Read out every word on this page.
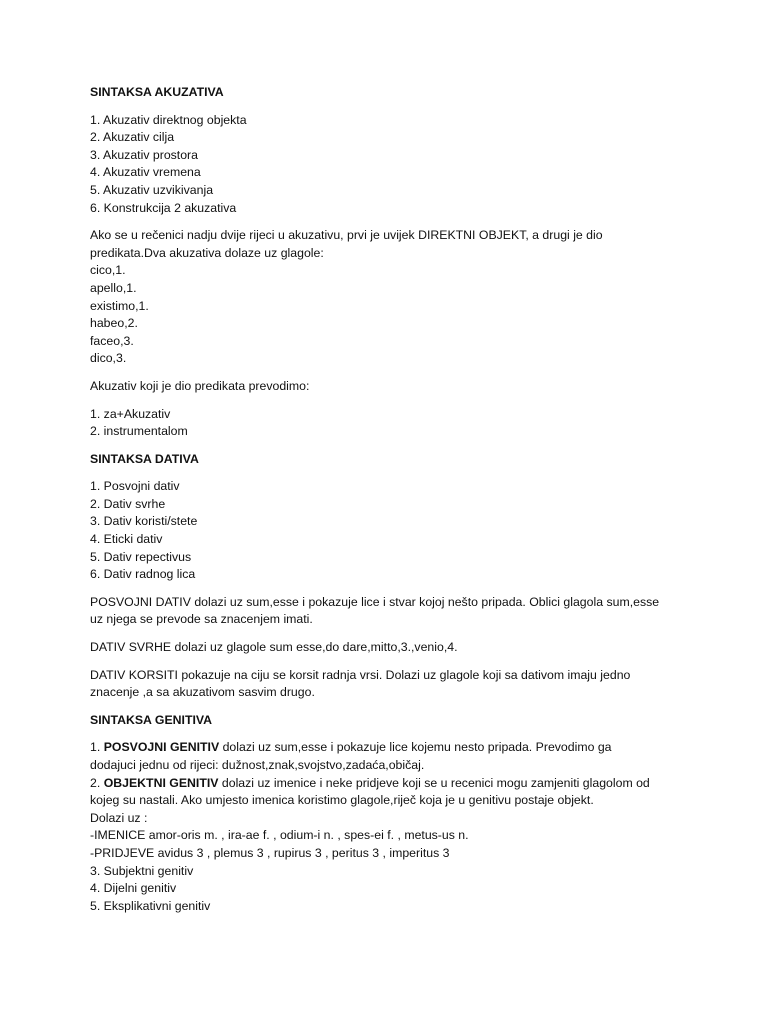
SINTAKSA AKUZATIVA
1. Akuzativ direktnog objekta
2. Akuzativ cilja
3. Akuzativ prostora
4. Akuzativ vremena
5. Akuzativ uzvikivanja
6. Konstrukcija 2 akuzativa
Ako se u rečenici nadju dvije rijeci u akuzativu, prvi je uvijek DIREKTNI OBJEKT, a drugi je dio
predikata.Dva akuzativa dolaze uz glagole:
cico,1.
apello,1.
existimo,1.
habeo,2.
faceo,3.
dico,3.
Akuzativ koji je dio predikata prevodimo:
1. za+Akuzativ
2. instrumentalom
SINTAKSA DATIVA
1. Posvojni dativ
2. Dativ svrhe
3. Dativ koristi/stete
4. Eticki dativ
5. Dativ repectivus
6. Dativ radnog lica
POSVOJNI DATIV dolazi uz sum,esse i pokazuje lice i stvar kojoj nešto pripada. Oblici glagola sum,esse
uz njega se prevode sa znacenjem imati.
DATIV SVRHE dolazi uz glagole sum esse,do dare,mitto,3.,venio,4.
DATIV KORSITI pokazuje na ciju se korsit radnja vrsi. Dolazi uz glagole koji sa dativom imaju jedno
znacenje ,a sa akuzativom sasvim drugo.
SINTAKSA GENITIVA
1. POSVOJNI GENITIV dolazi uz sum,esse i pokazuje lice kojemu nesto pripada. Prevodimo ga
dodajuci jednu od rijeci: dužnost,znak,svojstvo,zadaća,običaj.
2. OBJEKTNI GENITIV dolazi uz imenice i neke pridjeve koji se u recenici mogu zamjeniti glagolom od
kojeg su nastali. Ako umjesto imenica koristimo glagole,riječ koja je u genitivu postaje objekt.
Dolazi uz :
-IMENICE amor-oris m. , ira-ae f. , odium-i n. , spes-ei f. , metus-us n.
-PRIDJEVE avidus 3 , plemus 3 , rupirus 3 , peritus 3 , imperitus 3
3. Subjektni genitiv
4. Dijelni genitiv
5. Eksplikativni genitiv
